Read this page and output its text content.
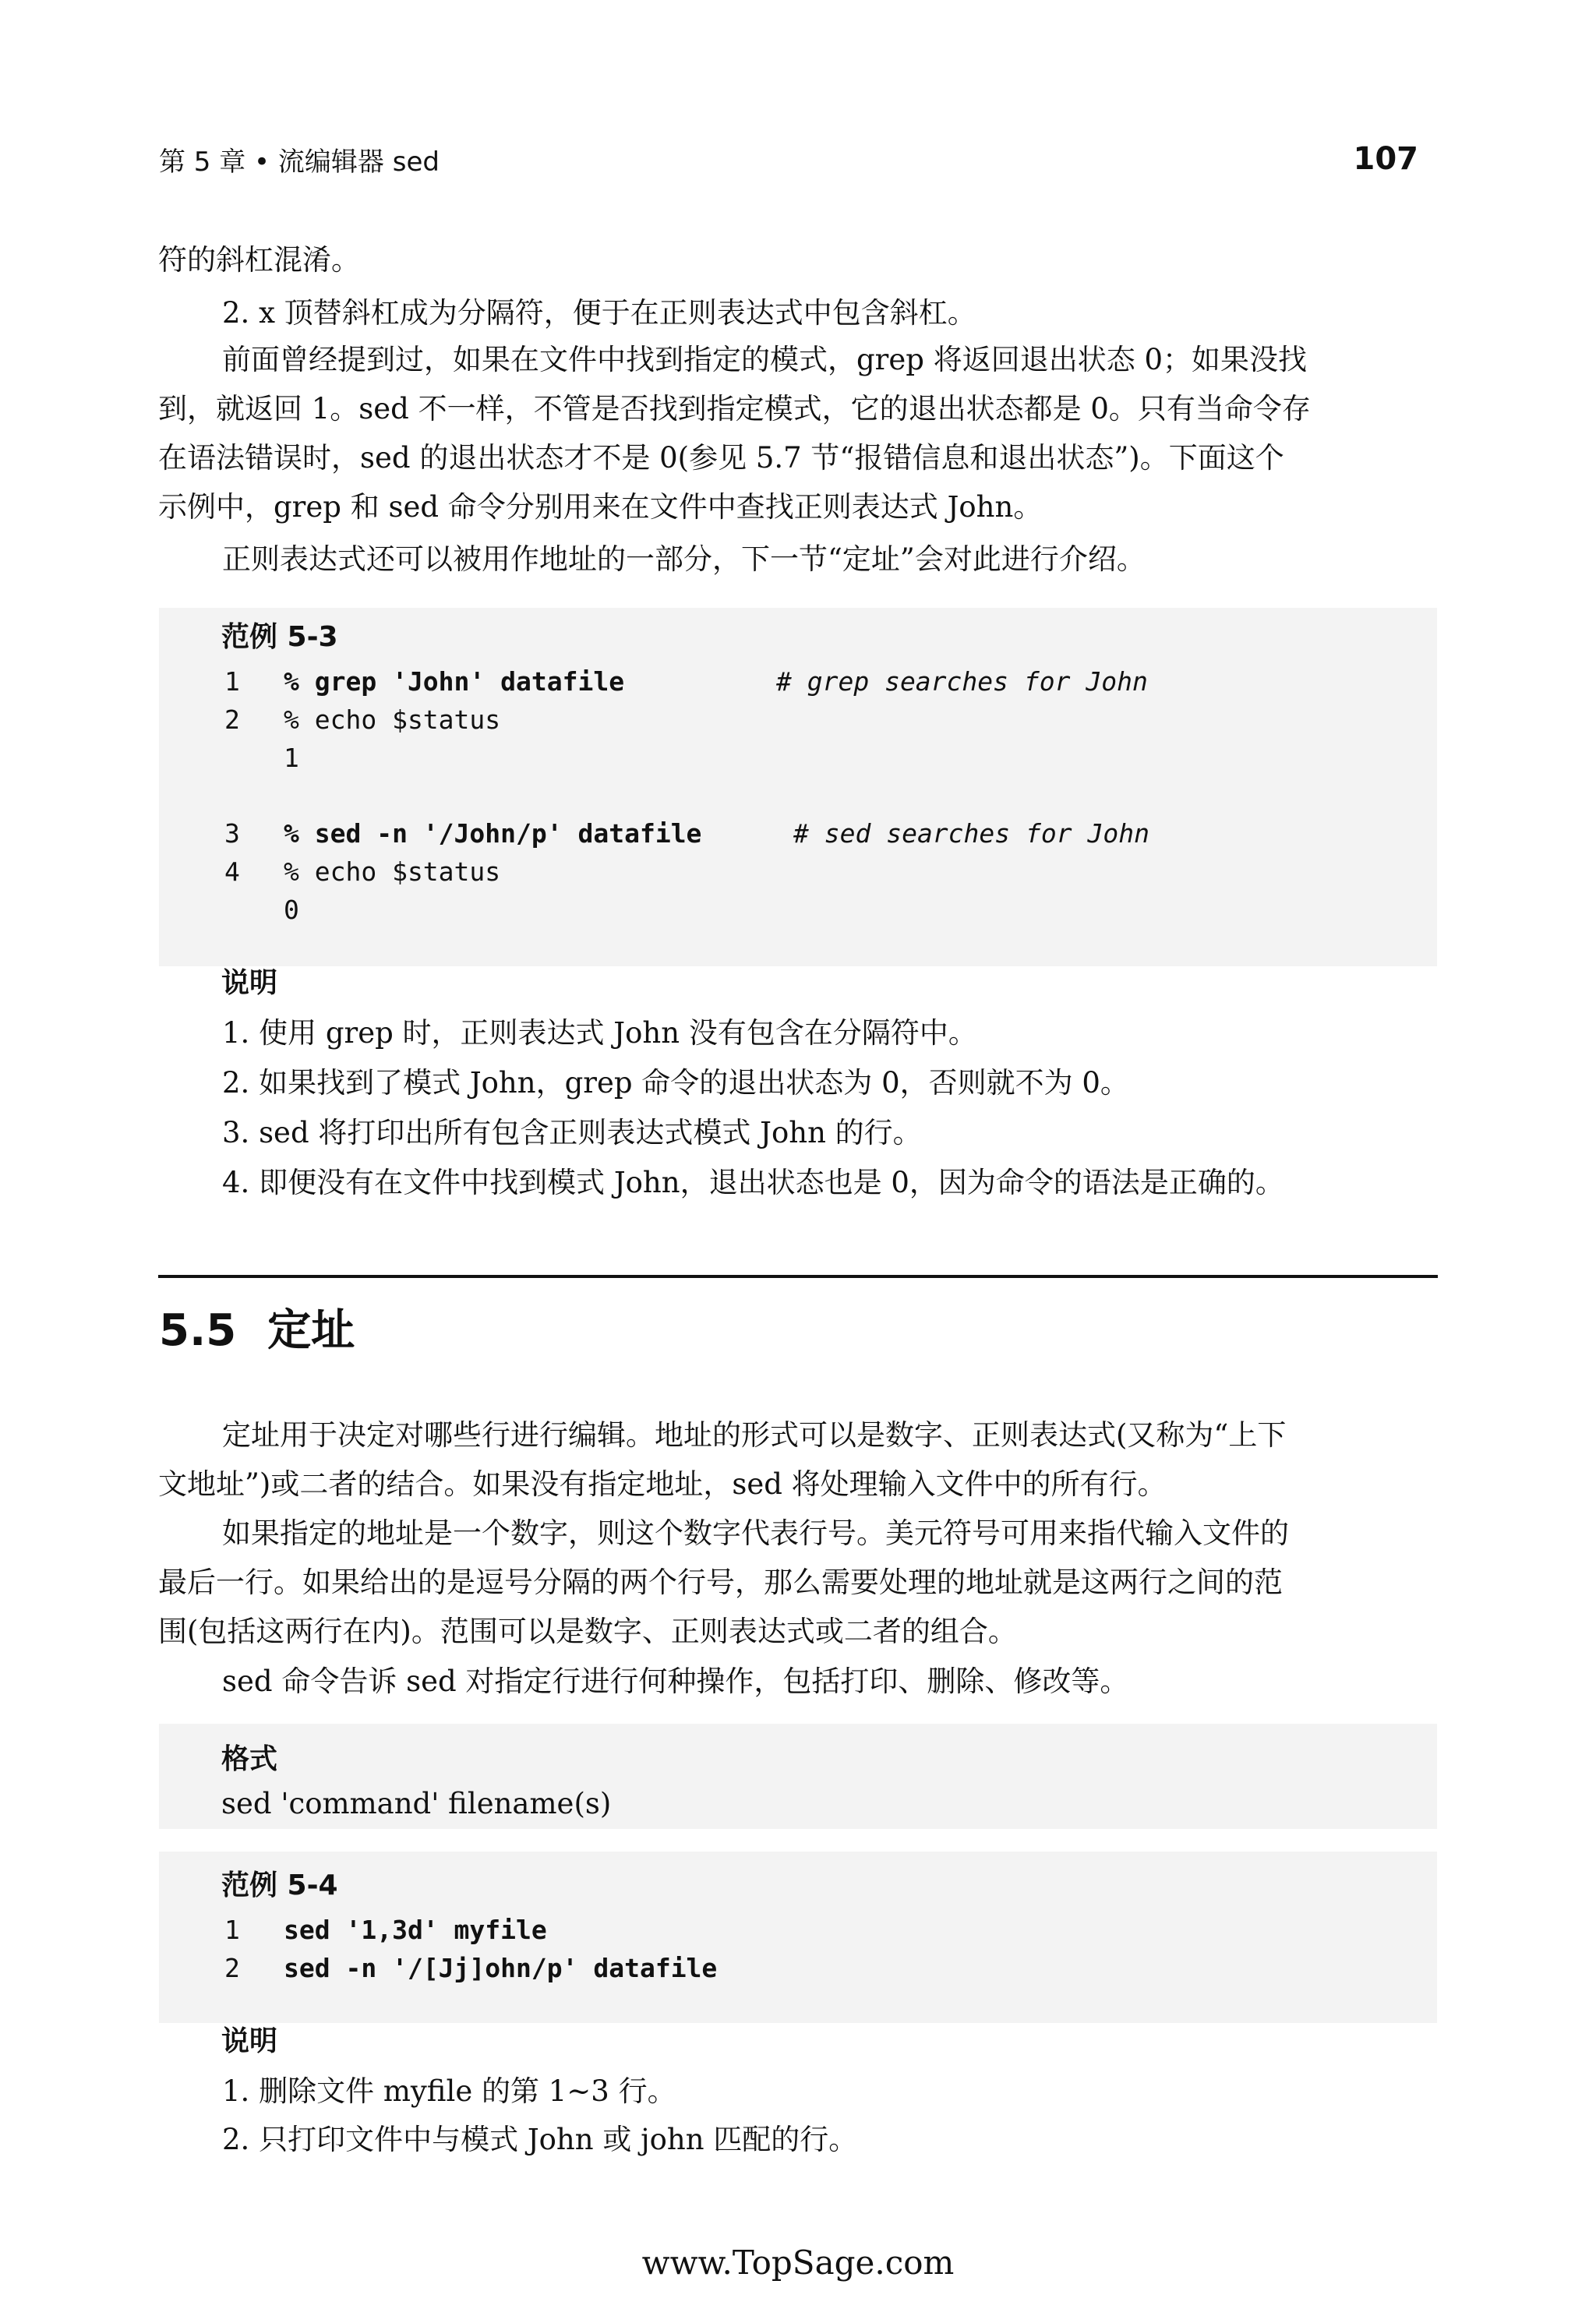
第 5 章 • 流编辑器 sed	107
符的斜杠混淆。
2. x 顶替斜杠成为分隔符，便于在正则表达式中包含斜杠。
前面曾经提到过，如果在文件中找到指定的模式，grep 将返回退出状态 0；如果没找
到，就返回 1。sed 不一样，不管是否找到指定模式，它的退出状态都是 0。只有当命令存
在语法错误时，sed 的退出状态才不是 0(参见 5.7 节“报错信息和退出状态”)。下面这个
示例中，grep 和 sed 命令分别用来在文件中查找正则表达式 John。
正则表达式还可以被用作地址的一部分，下一节“定址”会对此进行介绍。
范例 5-3
1 % grep 'John' datafile	# grep searches for John
2 % echo $status
1
3 % sed -n '/John/p' datafile	# sed searches for John
4 % echo $status
0
说明
1. 使用 grep 时，正则表达式 John 没有包含在分隔符中。
2. 如果找到了模式 John，grep 命令的退出状态为 0，否则就不为 0。
3. sed 将打印出所有包含正则表达式模式 John 的行。
4. 即便没有在文件中找到模式 John，退出状态也是 0，因为命令的语法是正确的。
5.5 定址
定址用于决定对哪些行进行编辑。地址的形式可以是数字、正则表达式(又称为“上下
文地址”)或二者的结合。如果没有指定地址，sed 将处理输入文件中的所有行。
如果指定的地址是一个数字，则这个数字代表行号。美元符号可用来指代输入文件的
最后一行。如果给出的是逗号分隔的两个行号，那么需要处理的地址就是这两行之间的范
围(包括这两行在内)。范围可以是数字、正则表达式或二者的组合。
sed 命令告诉 sed 对指定行进行何种操作，包括打印、删除、修改等。
格式
sed 'command' filename(s)
范例 5-4
1 sed '1,3d' myfile
2 sed -n '/[Jj]ohn/p' datafile
说明
1. 删除文件 myfile 的第 1~3 行。
2. 只打印文件中与模式 John 或 john 匹配的行。
www.TopSage.com
